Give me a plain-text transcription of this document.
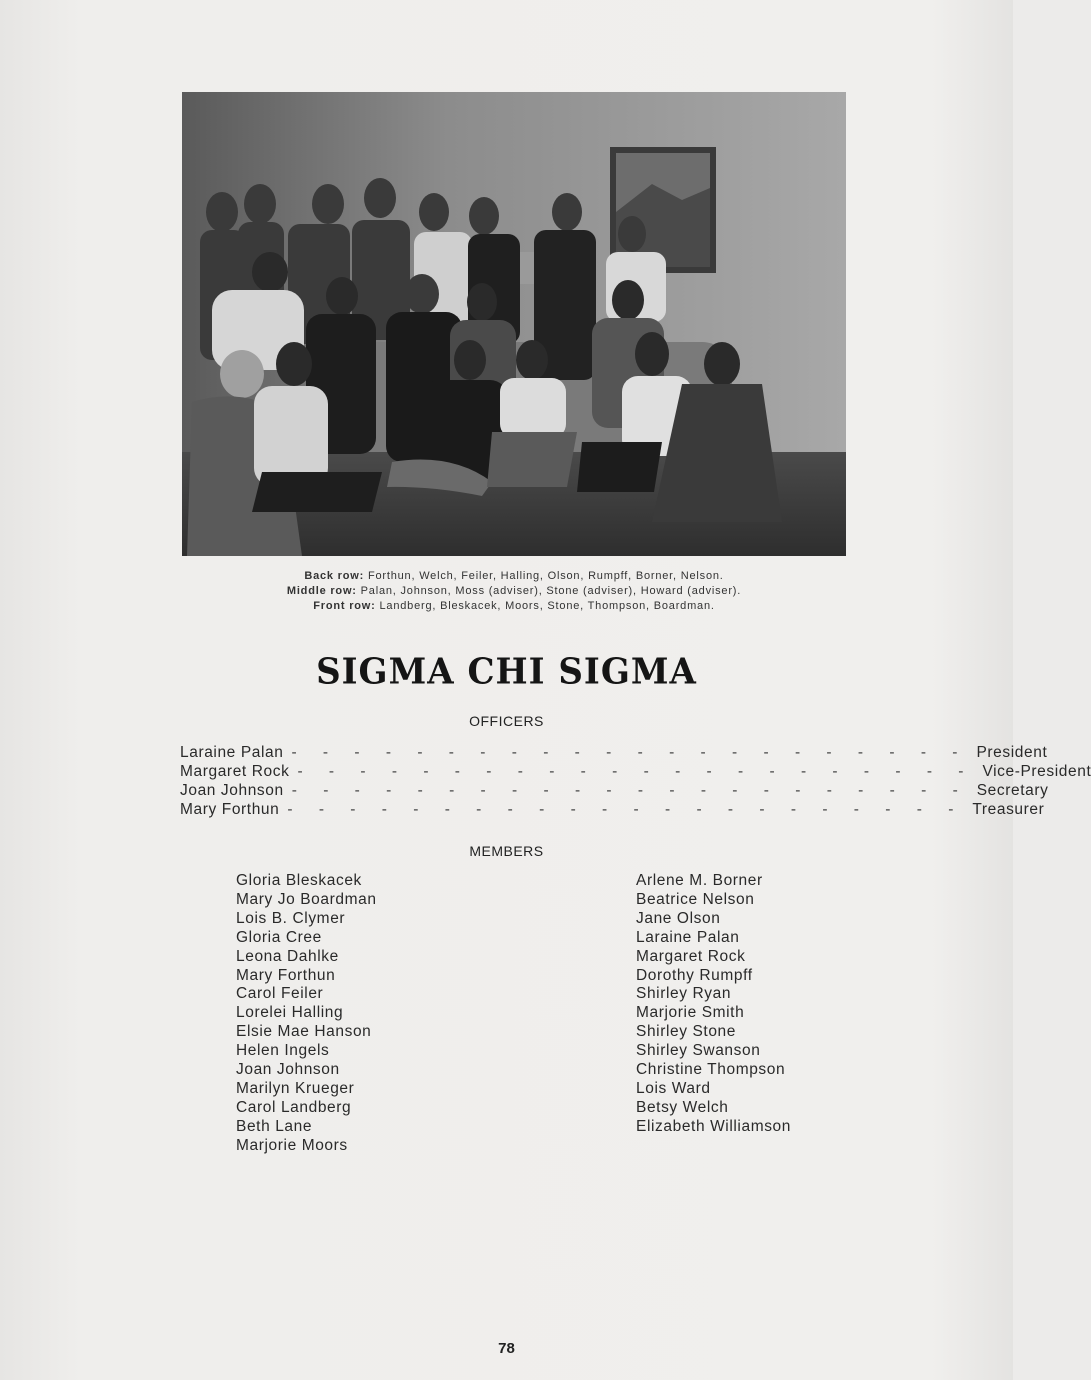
Back row: Forthun, Welch, Feiler, Halling, Olson, Rumpff, Borner, Nelson.
Middle row: Palan, Johnson, Moss (adviser), Stone (adviser), Howard (adviser).
Front row: Landberg, Bleskacek, Moors, Stone, Thompson, Boardman.
SIGMA CHI SIGMA
OFFICERS
Laraine Palan - - - - - - - - - - - - - - - - - - - - - - President
Margaret Rock - - - - - - - - - - - - - - - - - - - - - - Vice-President
Joan Johnson - - - - - - - - - - - - - - - - - - - - - - Secretary
Mary Forthun - - - - - - - - - - - - - - - - - - - - - - Treasurer
MEMBERS
Gloria Bleskacek
Mary Jo Boardman
Lois B. Clymer
Gloria Cree
Leona Dahlke
Mary Forthun
Carol Feiler
Lorelei Halling
Elsie Mae Hanson
Helen Ingels
Joan Johnson
Marilyn Krueger
Carol Landberg
Beth Lane
Marjorie Moors
Arlene M. Borner
Beatrice Nelson
Jane Olson
Laraine Palan
Margaret Rock
Dorothy Rumpff
Shirley Ryan
Marjorie Smith
Shirley Stone
Shirley Swanson
Christine Thompson
Lois Ward
Betsy Welch
Elizabeth Williamson
78
